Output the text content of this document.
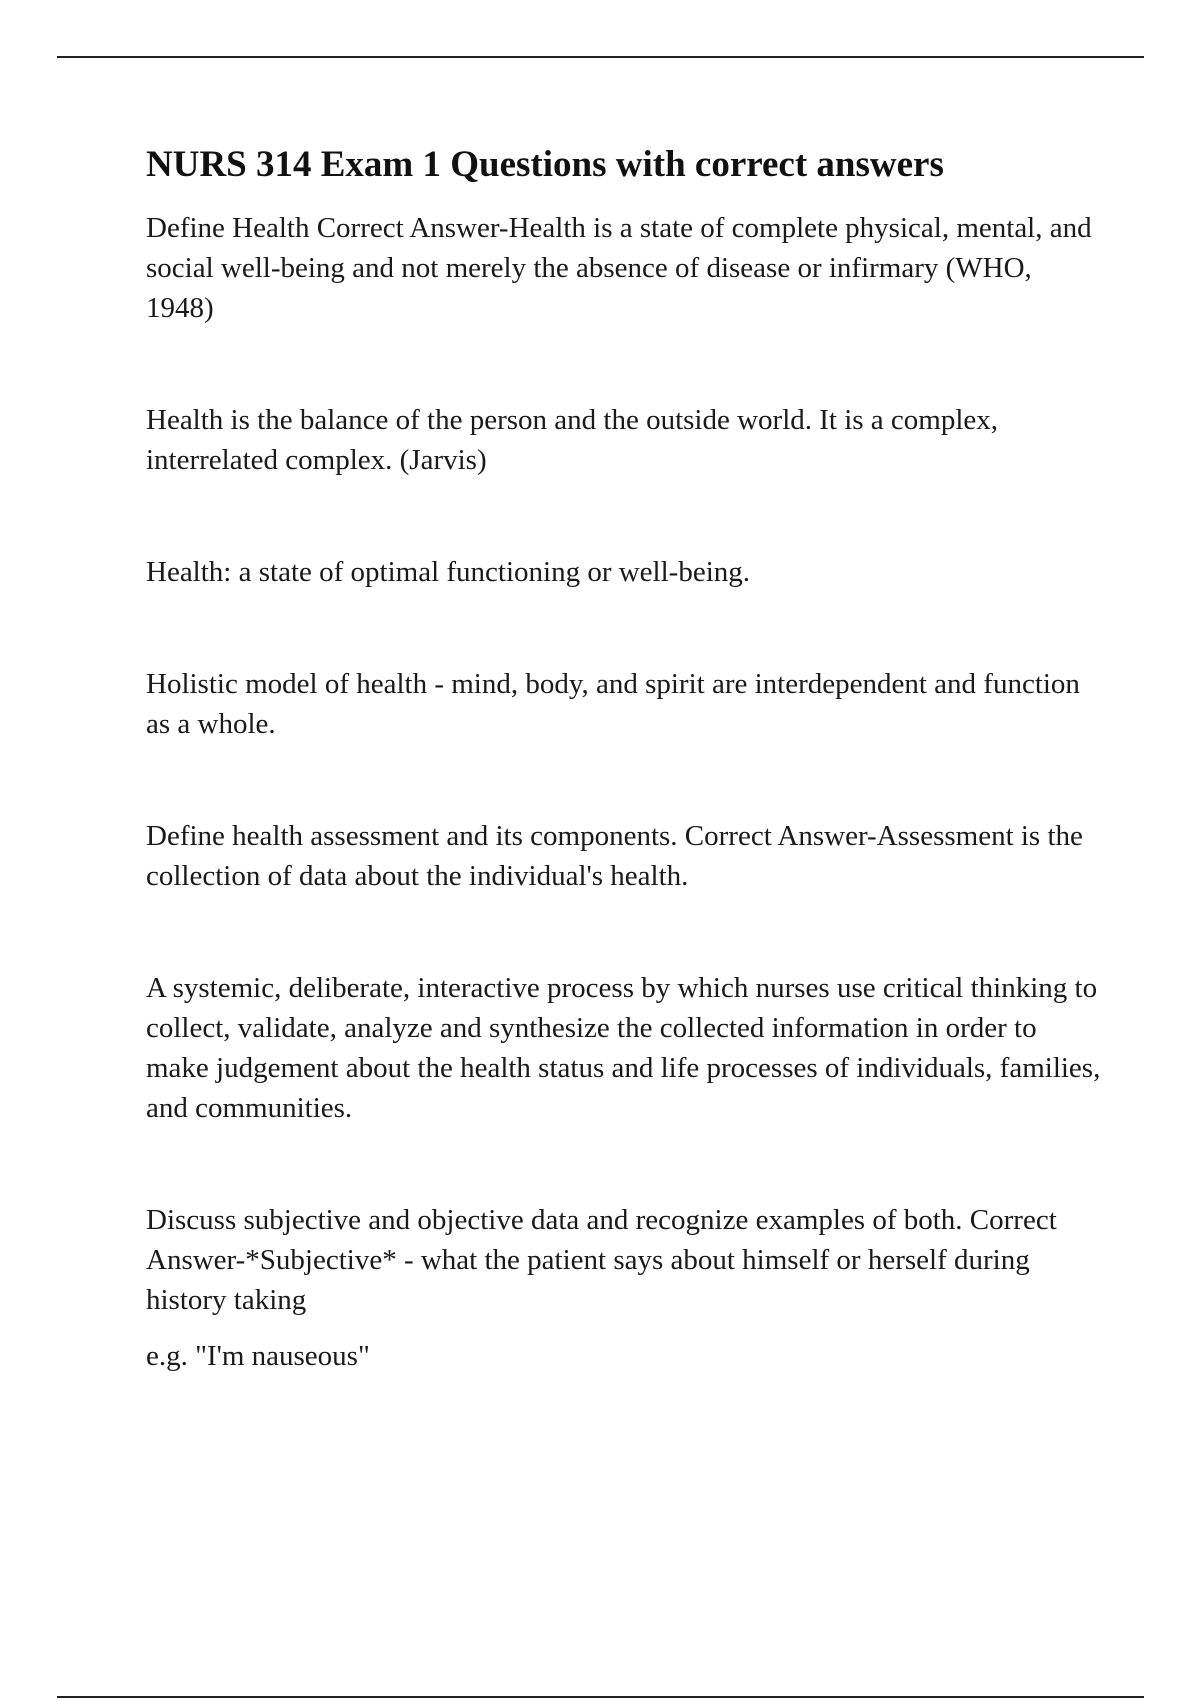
NURS 314 Exam 1 Questions with correct answers

Define Health Correct Answer-Health is a state of complete physical, mental, and social well-being and not merely the absence of disease or infirmary (WHO, 1948)

Health is the balance of the person and the outside world. It is a complex, interrelated complex. (Jarvis)

Health: a state of optimal functioning or well-being.

Holistic model of health - mind, body, and spirit are interdependent and function as a whole.

Define health assessment and its components. Correct Answer-Assessment is the collection of data about the individual's health.

A systemic, deliberate, interactive process by which nurses use critical thinking to collect, validate, analyze and synthesize the collected information in order to make judgement about the health status and life processes of individuals, families, and communities.

Discuss subjective and objective data and recognize examples of both. Correct Answer-*Subjective* - what the patient says about himself or herself during history taking

e.g. "I'm nauseous"
